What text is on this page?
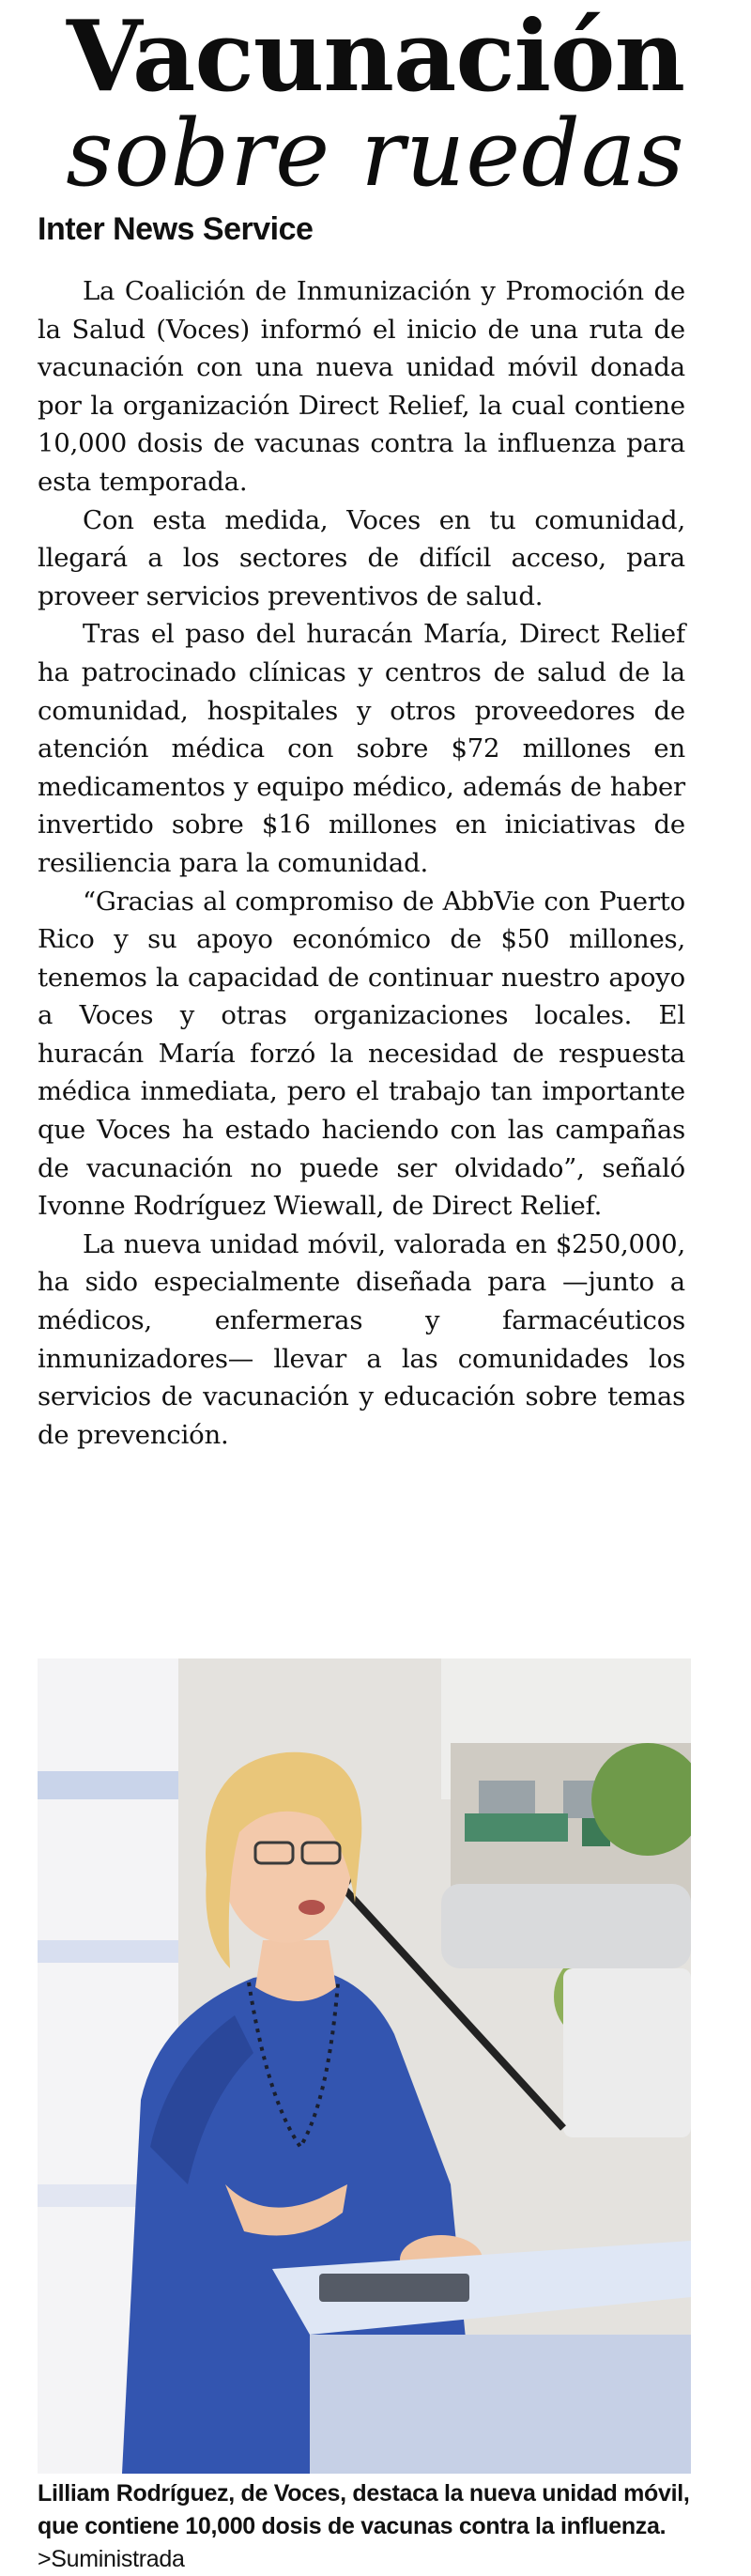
Vacunación
sobre ruedas
Inter News Service

La Coalición de Inmunización y Promoción de la Salud (Voces) informó el inicio de una ruta de vacunación con una nueva unidad móvil donada por la organización Direct Relief, la cual contiene 10,000 dosis de vacunas contra la influenza para esta temporada.

Con esta medida, Voces en tu comunidad, llegará a los sectores de difícil acceso, para proveer servicios preventivos de salud.

Tras el paso del huracán María, Direct Relief ha patrocinado clínicas y centros de salud de la comunidad, hospitales y otros proveedores de atención médica con sobre $72 millones en medicamentos y equipo médico, además de haber invertido sobre $16 millones en iniciativas de resiliencia para la comunidad.

“Gracias al compromiso de AbbVie con Puerto Rico y su apoyo económico de $50 millones, tenemos la capacidad de continuar nuestro apoyo a Voces y otras organizaciones locales. El huracán María forzó la necesidad de respuesta médica inmediata, pero el trabajo tan importante que Voces ha estado haciendo con las campañas de vacunación no puede ser olvidado”, señaló Ivonne Rodríguez Wiewall, de Direct Relief.

La nueva unidad móvil, valorada en $250,000, ha sido especialmente diseñada para —junto a médicos, enfermeras y farmacéuticos inmunizadores— llevar a las comunidades los servicios de vacunación y educación sobre temas de prevención.

Lilliam Rodríguez, de Voces, destaca la nueva unidad móvil, que contiene 10,000 dosis de vacunas contra la influenza. >Suministrada
